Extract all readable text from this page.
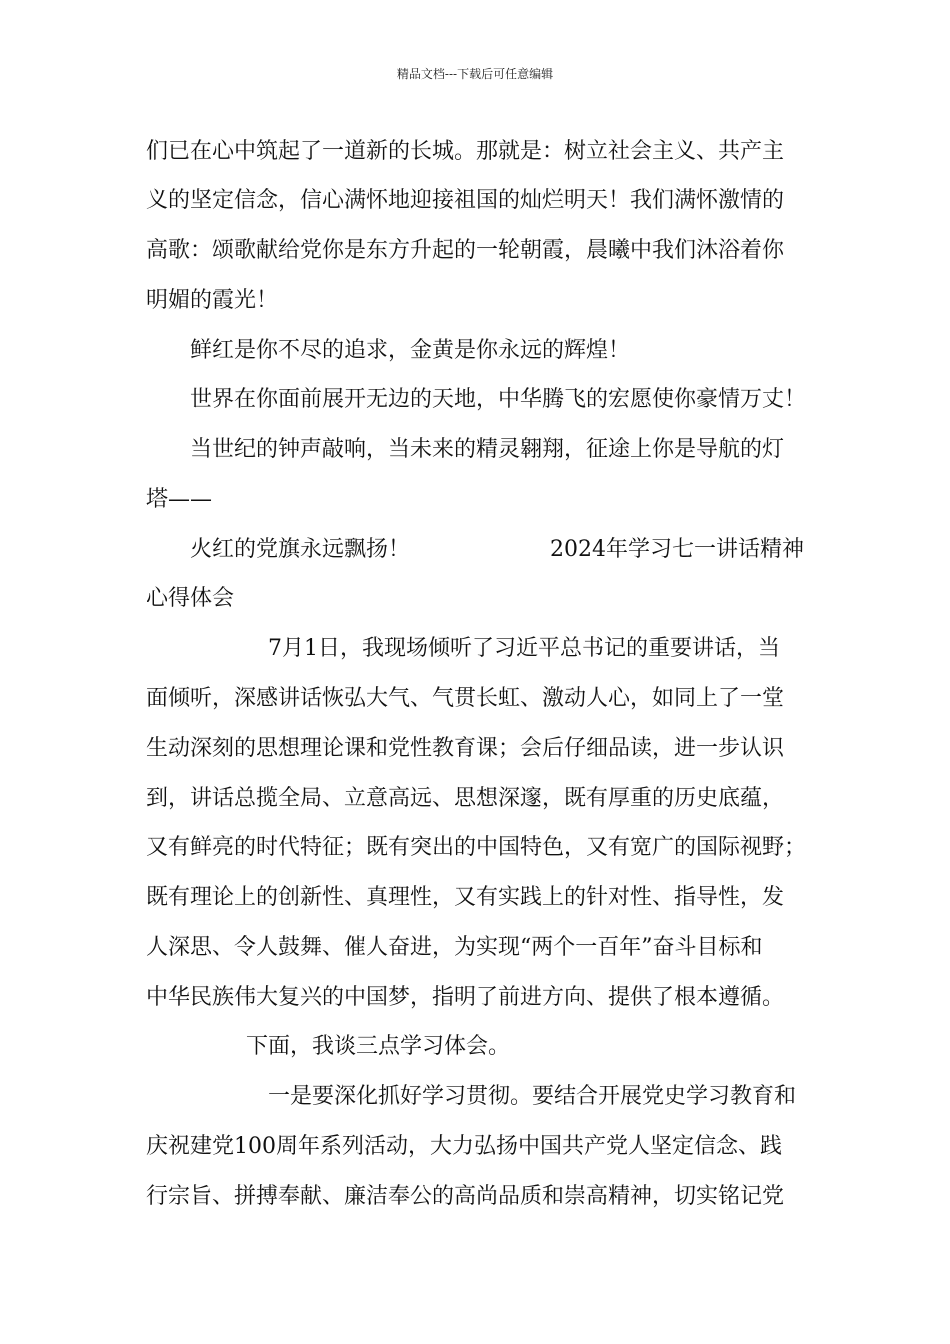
精品文档---下载后可任意编辑
们已在心中筑起了一道新的长城。那就是：树立社会主义、共产主
义的坚定信念，信心满怀地迎接祖国的灿烂明天！我们满怀激情的
高歌：颂歌献给党你是东方升起的一轮朝霞，晨曦中我们沐浴着你
明媚的霞光！
鲜红是你不尽的追求，金黄是你永远的辉煌！
世界在你面前展开无边的天地，中华腾飞的宏愿使你豪情万丈！
当世纪的钟声敲响，当未来的精灵翱翔，征途上你是导航的灯
塔——
火红的党旗永远飘扬！	2024年学习七一讲话精神
心得体会
7月1日，我现场倾听了习近平总书记的重要讲话，当
面倾听，深感讲话恢弘大气、气贯长虹、激动人心，如同上了一堂
生动深刻的思想理论课和党性教育课；会后仔细品读，进一步认识
到，讲话总揽全局、立意高远、思想深邃，既有厚重的历史底蕴，
又有鲜亮的时代特征；既有突出的中国特色，又有宽广的国际视野；
既有理论上的创新性、真理性，又有实践上的针对性、指导性，发
人深思、令人鼓舞、催人奋进，为实现“两个一百年”奋斗目标和
中华民族伟大复兴的中国梦，指明了前进方向、提供了根本遵循。
下面，我谈三点学习体会。
一是要深化抓好学习贯彻。要结合开展党史学习教育和
庆祝建党100周年系列活动，大力弘扬中国共产党人坚定信念、践
行宗旨、拼搏奉献、廉洁奉公的高尚品质和崇高精神，切实铭记党
